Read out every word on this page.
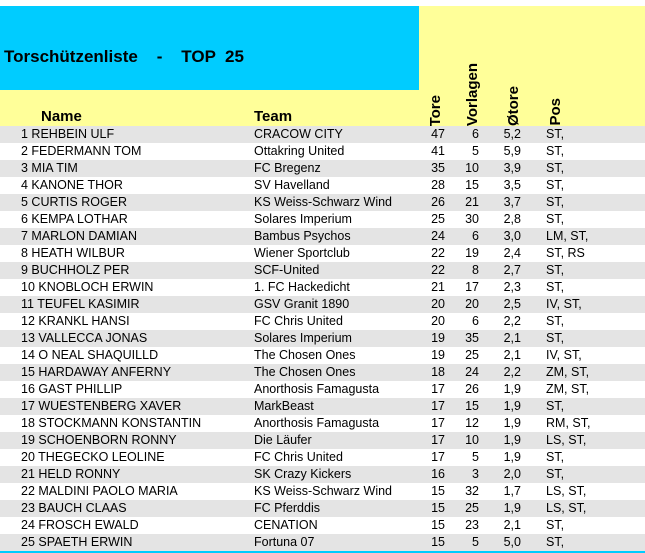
Torschützenliste    -    TOP  25
Name	Team	Tore Vorlagen Øtore Pos
1 REHBEIN ULF	CRACOW CITY	47	6	5,2 ST,
2 FEDERMANN TOM	Ottakring United	41	5	5,9 ST,
3 MIA TIM	FC Bregenz	35	10	3,9 ST,
4 KANONE THOR	SV Havelland	28	15	3,5 ST,
5 CURTIS ROGER	KS Weiss-Schwarz Wind	26	21	3,7 ST,
6 KEMPA LOTHAR	Solares Imperium	25	30	2,8 ST,
7 MARLON DAMIAN	Bambus Psychos	24	6	3,0 LM, ST,
8 HEATH WILBUR	Wiener Sportclub	22	19	2,4 ST, RS
9 BUCHHOLZ PER	SCF-United	22	8	2,7 ST,
10 KNOBLOCH ERWIN	1. FC Hackedicht	21	17	2,3 ST,
11 TEUFEL KASIMIR	GSV Granit 1890	20	20	2,5 IV, ST,
12 KRANKL HANSI	FC Chris United	20	6	2,2 ST,
13 VALLECCA JONAS	Solares Imperium	19	35	2,1 ST,
14 O NEAL SHAQUILLD	The Chosen Ones	19	25	2,1 IV, ST,
15 HARDAWAY ANFERNY	The Chosen Ones	18	24	2,2 ZM, ST,
16 GAST PHILLIP	Anorthosis Famagusta	17	26	1,9 ZM, ST,
17 WUESTENBERG XAVER	MarkBeast	17	15	1,9 ST,
18 STOCKMANN KONSTANTIN	Anorthosis Famagusta	17	12	1,9 RM, ST,
19 SCHOENBORN RONNY	Die Läufer	17	10	1,9 LS, ST,
20 THEGECKO LEOLINE	FC Chris United	17	5	1,9 ST,
21 HELD RONNY	SK Crazy Kickers	16	3	2,0 ST,
22 MALDINI PAOLO MARIA	KS Weiss-Schwarz Wind	15	32	1,7 LS, ST,
23 BAUCH CLAAS	FC Pferddis	15	25	1,9 LS, ST,
24 FROSCH EWALD	CENATION	15	23	2,1 ST,
25 SPAETH ERWIN	Fortuna 07	15	5	5,0 ST,
